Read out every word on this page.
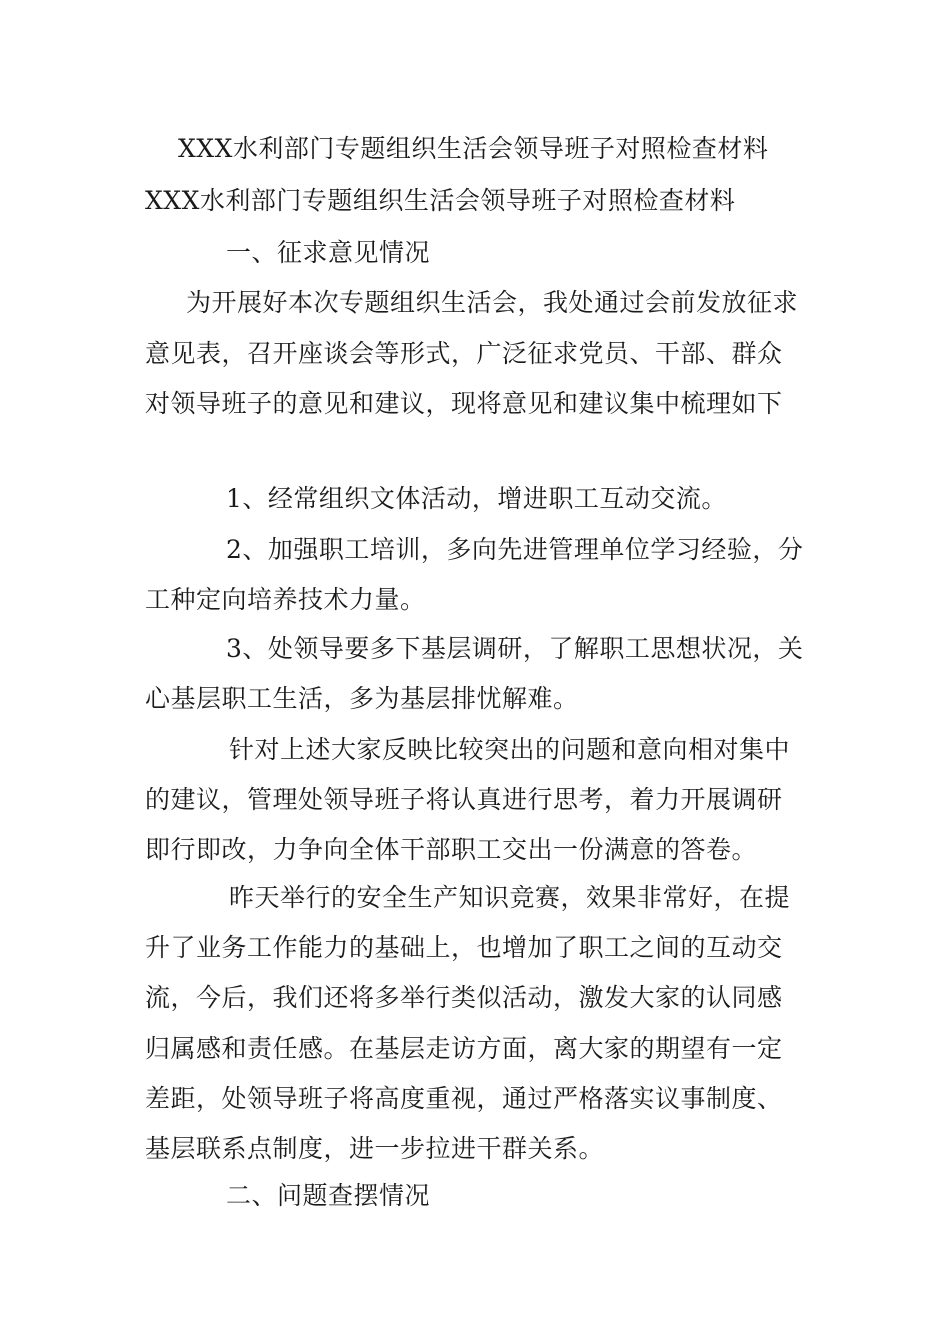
XXX水利部门专题组织生活会领导班子对照检查材料
XXX水利部门专题组织生活会领导班子对照检查材料
一、征求意见情况
为开展好本次专题组织生活会，我处通过会前发放征求
意见表，召开座谈会等形式，广泛征求党员、干部、群众
对领导班子的意见和建议，现将意见和建议集中梳理如下
1、经常组织文体活动，增进职工互动交流。
2、加强职工培训，多向先进管理单位学习经验，分
工种定向培养技术力量。
3、处领导要多下基层调研，了解职工思想状况，关
心基层职工生活，多为基层排忧解难。
针对上述大家反映比较突出的问题和意向相对集中
的建议，管理处领导班子将认真进行思考，着力开展调研
即行即改，力争向全体干部职工交出一份满意的答卷。
昨天举行的安全生产知识竞赛，效果非常好，在提
升了业务工作能力的基础上，也增加了职工之间的互动交
流，今后，我们还将多举行类似活动，激发大家的认同感
归属感和责任感。在基层走访方面，离大家的期望有一定
差距，处领导班子将高度重视，通过严格落实议事制度、
基层联系点制度，进一步拉进干群关系。
二、问题查摆情况
